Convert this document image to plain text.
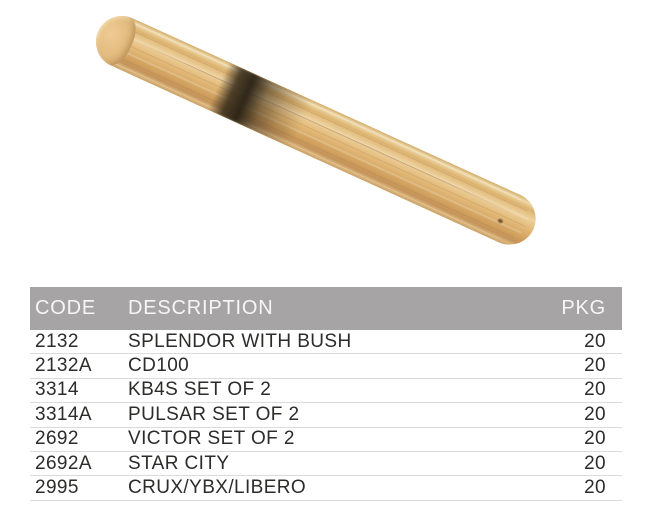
CODE	DESCRIPTION	PKG
2132	SPLENDOR WITH BUSH	20
2132A	CD100	20
3314	KB4S SET OF 2	20
3314A	PULSAR SET OF 2	20
2692	VICTOR SET OF 2	20
2692A	STAR CITY	20
2995	CRUX/YBX/LIBERO	20
